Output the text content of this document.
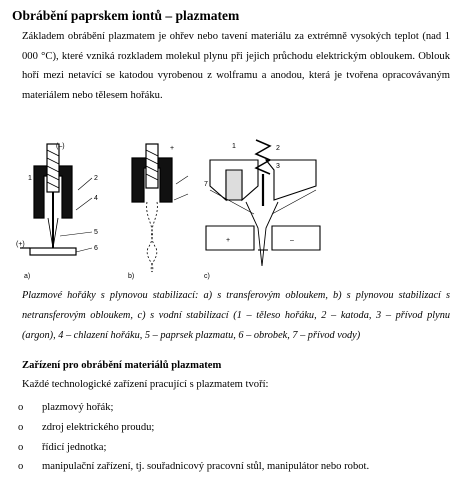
Obrábění paprskem iontů – plazmatem

Základem obrábění plazmatem je ohřev nebo tavení materiálu za extrémně vysokých teplot (nad 1 000 °C), které vzniká rozkladem molekul plynu při jejich průchodu elektrickým obloukem. Oblouk hoří mezi netavící se katodou vyrobenou z wolframu a anodou, která je tvořena opracovávaným materiálem nebo tělesem hořáku.

(–)
1	2
4
5
6
(+)
a)
+
b)
1	2
3
7
+	–
c)

Plazmové hořáky s plynovou stabilizací: a) s transferovým obloukem, b) s plynovou stabilizací s netransferovým obloukem, c) s vodní stabilizací (1 – těleso hořáku, 2 – katoda, 3 – přívod plynu (argon), 4 – chlazení hořáku, 5 – paprsek plazmatu, 6 – obrobek, 7 – přívod vody)

Zařízení pro obrábění materiálů plazmatem
Každé technologické zařízení pracující s plazmatem tvoří:
o plazmový hořák;
o zdroj elektrického proudu;
o řídicí jednotka;
o manipulační zařízení, tj. souřadnicový pracovní stůl, manipulátor nebo robot.
